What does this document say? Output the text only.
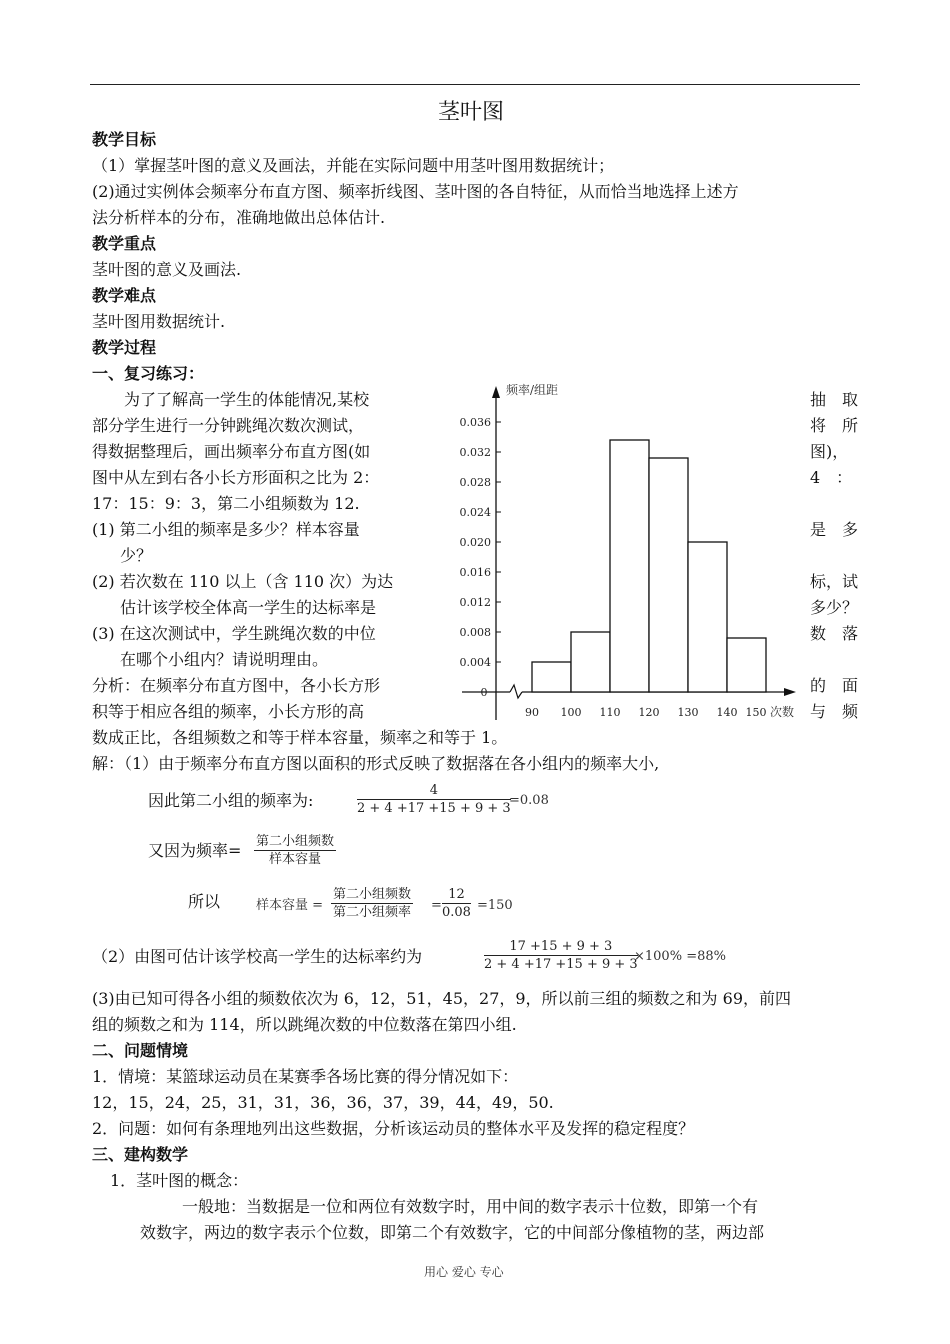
茎叶图
教学目标
（1）掌握茎叶图的意义及画法，并能在实际问题中用茎叶图用数据统计；
(2)通过实例体会频率分布直方图、频率折线图、茎叶图的各自特征，从而恰当地选择上述方
法分析样本的分布，准确地做出总体估计.
教学重点
茎叶图的意义及画法.
教学难点
茎叶图用数据统计.
教学过程
一、复习练习：
　为了了解高一学生的体能情况,某校
部分学生进行一分钟跳绳次数次测试，
得数据整理后，画出频率分布直方图(如
图中从左到右各小长方形面积之比为 2：
17：15：9：3，第二小组频数为 12.
(1) 第二小组的频率是多少？样本容量
少？
(2) 若次数在 110 以上（含 110 次）为达
估计该学校全体高一学生的达标率是
(3) 在这次测试中，学生跳绳次数的中位
在哪个小组内？请说明理由。
分析：在频率分布直方图中，各小长方形
积等于相应各组的频率，小长方形的高
数成正比，各组频数之和等于样本容量，频率之和等于 1。
抽　取
将　所
图)，
4　：
是　多
标，试
多少？
数　落
的　面
与　频
0.004
0.008
0.012
0.016
0.020
0.024
0.028
0.032
0.036
频率/组距
0
90 100 110 120 130 140 150 次数
解：（1）由于频率分布直方图以面积的形式反映了数据落在各小组内的频率大小,
因此第二小组的频率为:	$\frac{4}{2 + 4 +17 +15 + 9 + 3}$
=0.08
又因为频率= 第二小组频数
样本容量
所以	样本容量 =
第二小组频数
第二小组频率 = $\frac{12}{0.08} =150$
（2）由图可估计该学校高一学生的达标率约为	$\frac{17 +15 + 9 + 3}{2 + 4 +17 +15 + 9 + 3}$
×100% =88%
(3)由已知可得各小组的频数依次为 6，12，51，45，27，9，所以前三组的频数之和为 69，前四
组的频数之和为 114，所以跳绳次数的中位数落在第四小组.
二、问题情境
1．情境：某篮球运动员在某赛季各场比赛的得分情况如下：
12，15，24，25，31，31，36，36，37，39，44，49，50.
2．问题：如何有条理地列出这些数据，分析该运动员的整体水平及发挥的稳定程度？
三、建构数学
1．茎叶图的概念：
一般地：当数据是一位和两位有效数字时，用中间的数字表示十位数，即第一个有
效数字，两边的数字表示个位数，即第二个有效数字，它的中间部分像植物的茎，两边部
用心 爱心 专心
